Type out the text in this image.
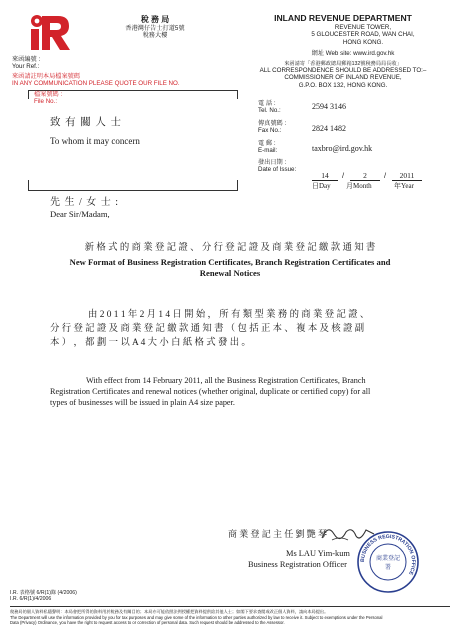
稅 務 局
香港灣仔告士打道5號
稅務大樓
INLAND REVENUE DEPARTMENT
REVENUE TOWER,
5 GLOUCESTER ROAD, WAN CHAI,
HONG KONG.
網址 Web site: www.ird.gov.hk
來函請寄「香港郵政總局郵箱132號稅務局局長收」
ALL CORRESPONDENCE SHOULD BE ADDRESSED TO:–
COMMISSIONER OF INLAND REVENUE,
G.P.O. BOX 132, HONG KONG.
來函編號 :
Your Ref.:
來函請註明本局檔案號碼
IN ANY COMMUNICATION PLEASE QUOTE OUR FILE NO.
檔案號碼 :
File No.:
致 有 關 人 士
To whom it may concern
電 話 :
Tel. No.:	2594 3146
傳真號碼 :
Fax No.:	2824 1482
電 郵 :
E-mail:	taxbro@ird.gov.hk
發出日期 :
Date of Issue:
14	/	2	/	2011
日Day 月Month	年Year
先 生 / 女 士 :
Dear Sir/Madam,
新 格 式 的 商 業 登 記 證 、 分 行 登 記 證 及 商 業 登 記 繳 款 通 知 書
New Format of Business Registration Certificates, Branch Registration Certificates and
Renewal Notices
由 2 0 1 1 年 2 月 1 4 日 開 始 ， 所 有 類 型 業 務 的 商 業 登 記 證 、
分 行 登 記 證 及 商 業 登 記 繳 款 通 知 書 （ 包 括 正 本 、 複 本 及 核 證 副
本 ） ， 都 劃 一 以 A 4 大 小 白 紙 格 式 發 出 。
With effect from 14 February 2011, all the Business Registration Certificates, Branch
Registration Certificates and renewal notices (whether original, duplicate or certified copy) for all
types of businesses will be issued in plain A4 size paper.
商 業 登 記 主 任 劉 艷 琴
Ms LAU Yim-kum
Business Registration Officer	BUSINESS REGISTRATION OFFICE
商業登記
署
I.R. 表格號 6/R(1)錄 (4/2006)
I.R. 6/R(1)/4/2006
稅務局的個人資料私隱聲明：本局會把所得的資料用於稅務及有關目的；本局亦可能依照法例授權把資料提供給其他人士；如閣下要求查閱或改正個人資料，請向本局提出。
The Department will use the information provided by you for tax purposes and may give some of the information to other parties authorized by law to receive it. Subject to exemptions under the Personal
Data (Privacy) Ordinance, you have the right to request access to or correction of personal data. Such request should be addressed to the Assessor.
